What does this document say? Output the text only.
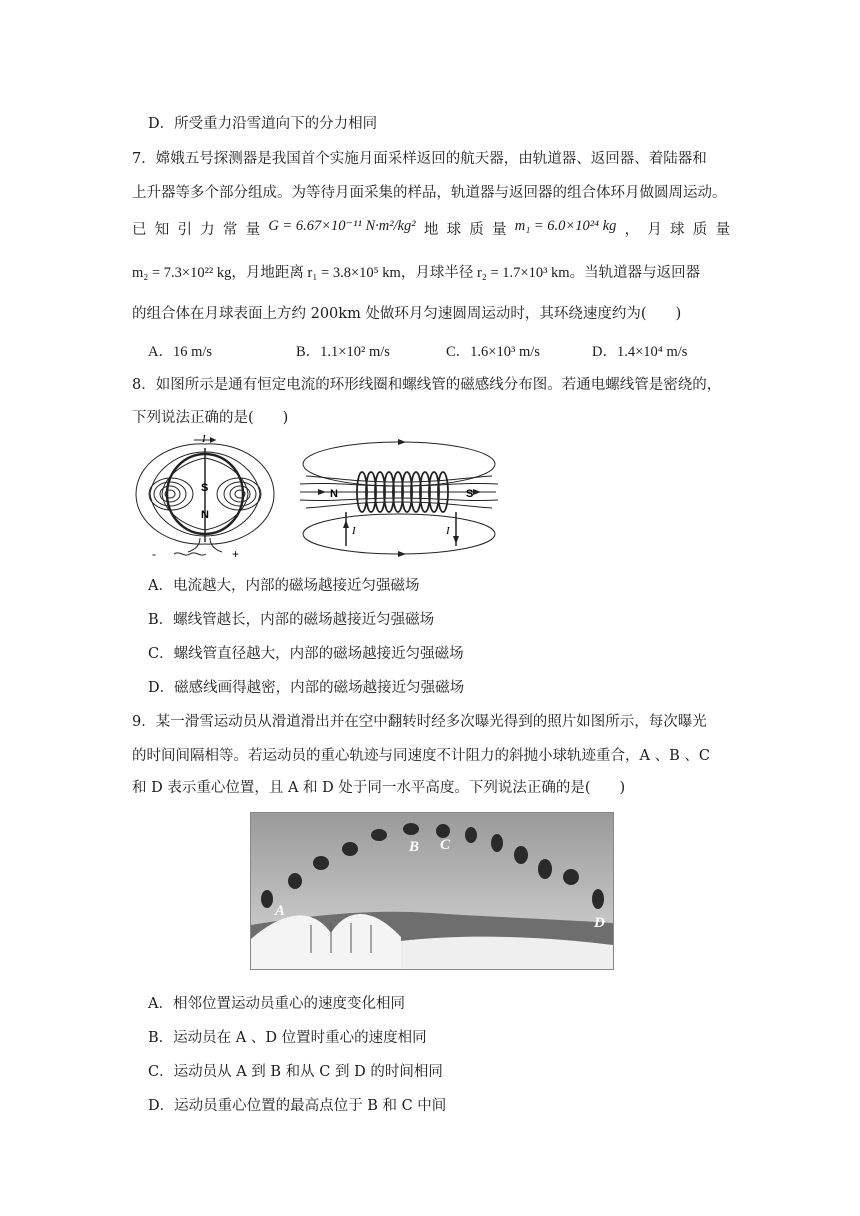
D．所受重力沿雪道向下的分力相同
7．嫦娥五号探测器是我国首个实施月面采样返回的航天器，由轨道器、返回器、着陆器和
上升器等多个部分组成。为等待月面采集的样品，轨道器与返回器的组合体环月做圆周运动。
已 知 引 力 常 量 G = 6.67×10⁻¹¹ N·m²/kg² 地 球 质 量 m₁ = 6.0×10²⁴ kg ， 月 球 质 量
m₂ = 7.3×10²² kg，月地距离 r₁ = 3.8×10⁵ km，月球半径 r₂ = 1.7×10³ km。当轨道器与返回器
的组合体在月球表面上方约 200km 处做环月匀速圆周运动时，其环绕速度约为(　　)
A．16 m/s	B．1.1×10² m/s	C．1.6×10³ m/s	D．1.4×10⁴ m/s
8．如图所示是通有恒定电流的环形线圈和螺线管的磁感线分布图。若通电螺线管是密绕的，
下列说法正确的是(　　)
I
S
N
-	+
N	S
I	I
A．电流越大，内部的磁场越接近匀强磁场
B．螺线管越长，内部的磁场越接近匀强磁场
C．螺线管直径越大，内部的磁场越接近匀强磁场
D．磁感线画得越密，内部的磁场越接近匀强磁场
9．某一滑雪运动员从滑道滑出并在空中翻转时经多次曝光得到的照片如图所示，每次曝光
的时间间隔相等。若运动员的重心轨迹与同速度不计阻力的斜抛小球轨迹重合，A 、B 、C
和 D 表示重心位置，且 A 和 D 处于同一水平高度。下列说法正确的是(　　)
A
B C
D
A．相邻位置运动员重心的速度变化相同
B．运动员在 A 、D 位置时重心的速度相同
C．运动员从 A 到 B 和从 C 到 D 的时间相同
D．运动员重心位置的最高点位于 B 和 C 中间
